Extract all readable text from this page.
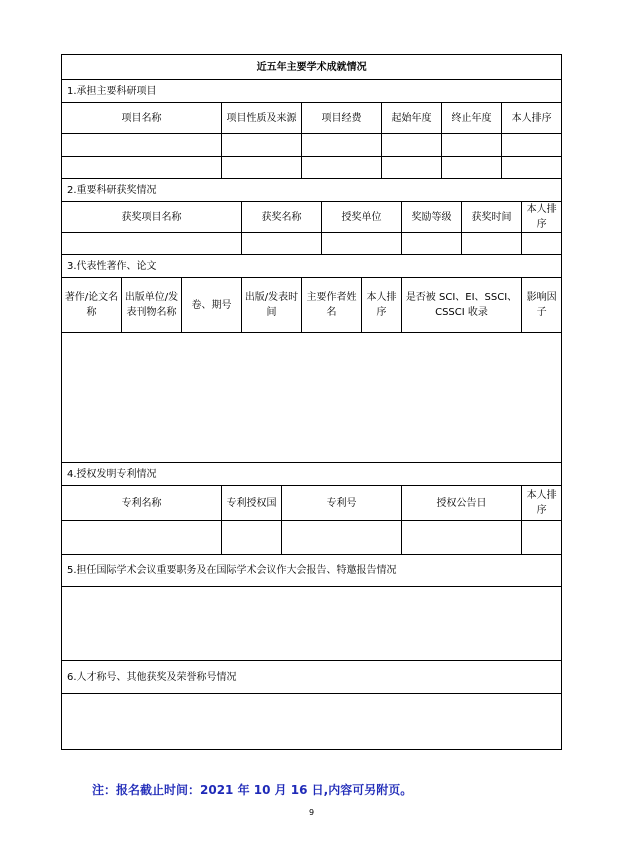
近五年主要学术成就情况														
1.承担主要科研项目														
项目名称			项目性质及来源			项目经费			起始年度		终止年度		本人排序	

2.重要科研获奖情况														
获奖项目名称				获奖名称			授奖单位			奖励等级		获奖时间		本人排序

3.代表性著作、论文														
著作/论文名称	出版单位/发表刊物名称	卷、期号		出版/发表时间		主要作者姓名		本人排序		是否被 SCI、EI、SSCI、CSSCI 收录				影响因子

4.授权发明专利情况														
专利名称			专利授权国		专利号					授权公告日				本人排序

5.担任国际学术会议重要职务及在国际学术会议作大会报告、特邀报告情况														

6.人才称号、其他获奖及荣誉称号情况														

注：报名截止时间：2021 年 10 月 16 日,内容可另附页。
9
